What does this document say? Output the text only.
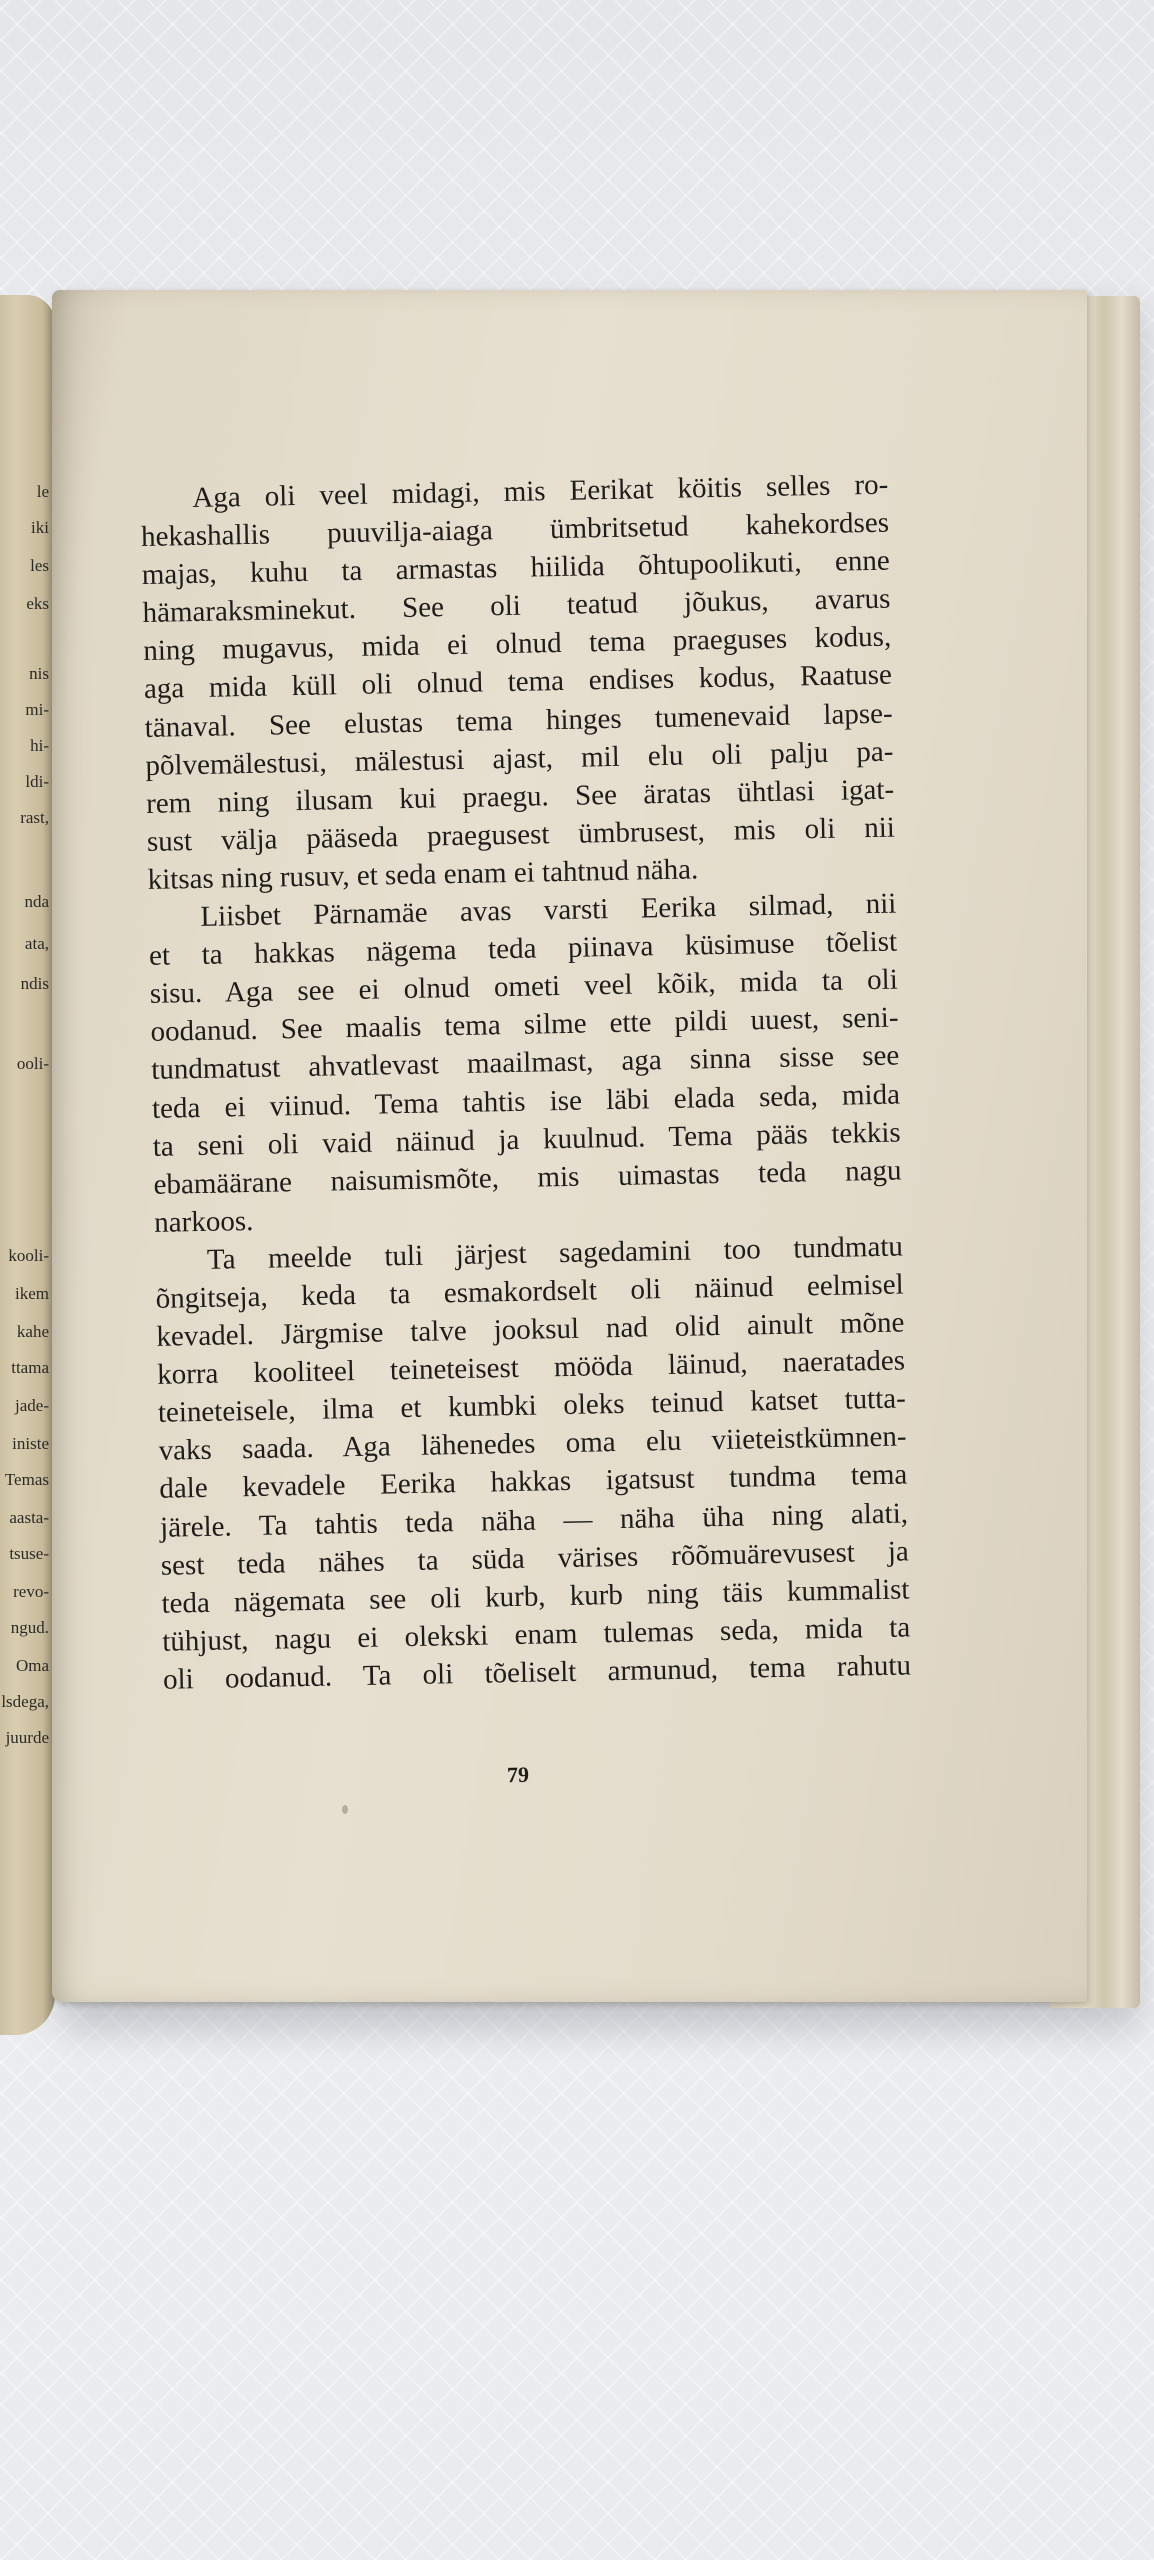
le
iki
les
eks
nis
mi-
hi-
ldi-
rast,
nda
ata,
ndis
ooli-
kooli-
ikem
kahe
ttama
jade-
iniste
Temas
aasta-
tsuse-
revo-
ngud.
Oma
lsdega,
juurde
Aga oli veel midagi, mis Eerikat köitis selles ro-
hekashallis puuvilja-aiaga ümbritsetud kahekordses
majas, kuhu ta armastas hiilida õhtupoolikuti, enne
hämaraksminekut. See oli teatud jõukus, avarus
ning mugavus, mida ei olnud tema praeguses kodus,
aga mida küll oli olnud tema endises kodus, Raatuse
tänaval. See elustas tema hinges tumenevaid lapse-
põlvemälestusi, mälestusi ajast, mil elu oli palju pa-
rem ning ilusam kui praegu. See äratas ühtlasi igat-
sust välja pääseda praegusest ümbrusest, mis oli nii
kitsas ning rusuv, et seda enam ei tahtnud näha.
Liisbet Pärnamäe avas varsti Eerika silmad, nii
et ta hakkas nägema teda piinava küsimuse tõelist
sisu. Aga see ei olnud ometi veel kõik, mida ta oli
oodanud. See maalis tema silme ette pildi uuest, seni-
tundmatust ahvatlevast maailmast, aga sinna sisse see
teda ei viinud. Tema tahtis ise läbi elada seda, mida
ta seni oli vaid näinud ja kuulnud. Tema pääs tekkis
ebamäärane naisumismõte, mis uimastas teda nagu
narkoos.
Ta meelde tuli järjest sagedamini too tundmatu
õngitseja, keda ta esmakordselt oli näinud eelmisel
kevadel. Järgmise talve jooksul nad olid ainult mõne
korra kooliteel teineteisest mööda läinud, naeratades
teineteisele, ilma et kumbki oleks teinud katset tutta-
vaks saada. Aga lähenedes oma elu viieteistkümnen-
dale kevadele Eerika hakkas igatsust tundma tema
järele. Ta tahtis teda näha — näha üha ning alati,
sest teda nähes ta süda värises rõõmuärevusest ja
teda nägemata see oli kurb, kurb ning täis kummalist
tühjust, nagu ei olekski enam tulemas seda, mida ta
oli oodanud. Ta oli tõeliselt armunud, tema rahutu
79
